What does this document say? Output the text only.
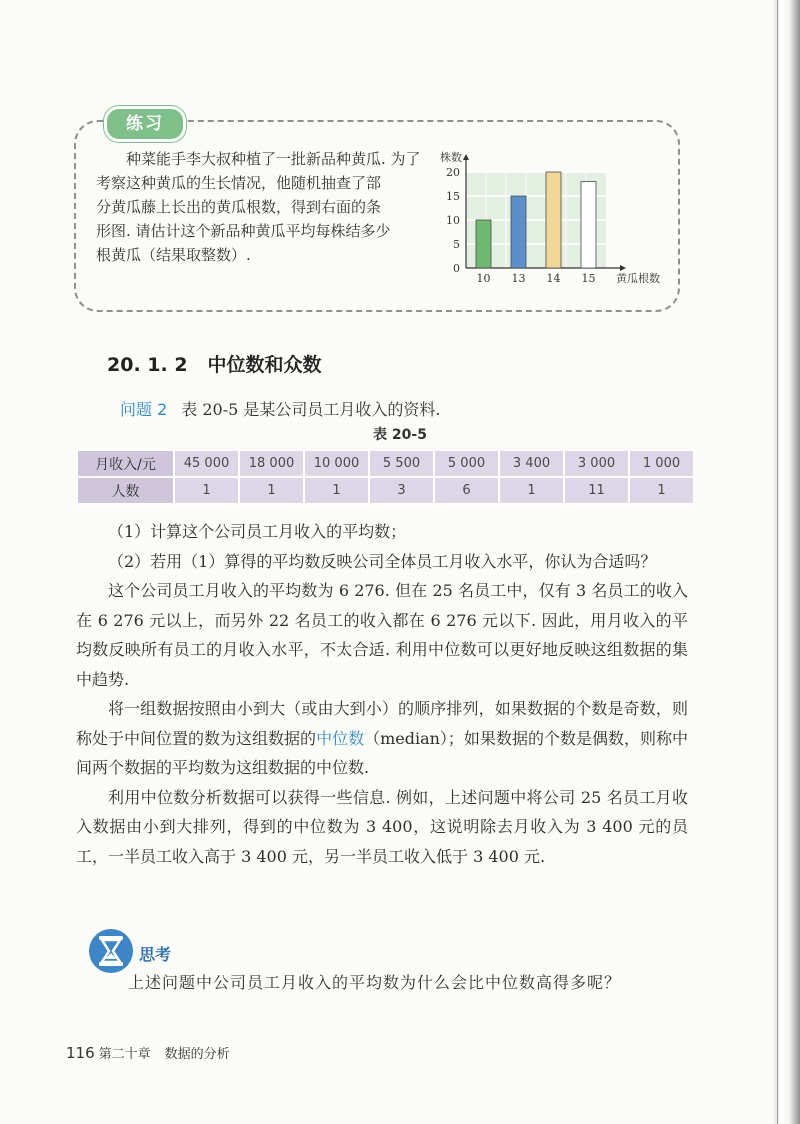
练习

种菜能手李大叔种植了一批新品种黄瓜. 为了

考察这种黄瓜的生长情况，他随机抽查了部

分黄瓜藤上长出的黄瓜根数，得到右面的条

形图. 请估计这个新品种黄瓜平均每株结多少

根黄瓜（结果取整数）.

0
5
10
15
20
10 13 14 15
株数
黄瓜根数
20. 1. 2 中位数和众数
问题 2 表 20-5 是某公司员工月收入的资料.
表 20-5
月收入/元	45 000	18 000	10 000	5 500	5 000	3 400	3 000	1 000
人数	1	1	1	3	6	1	11	1

（1）计算这个公司员工月收入的平均数；

（2）若用（1）算得的平均数反映公司全体员工月收入水平，你认为合适吗？

这个公司员工月收入的平均数为 6 276. 但在 25 名员工中，仅有 3 名员工的收入在 6 276 元以上，而另外 22 名员工的收入都在 6 276 元以下. 因此，用月收入的平均数反映所有员工的月收入水平，不太合适. 利用中位数可以更好地反映这组数据的集中趋势.

将一组数据按照由小到大（或由大到小）的顺序排列，如果数据的个数是奇数，则称处于中间位置的数为这组数据的中位数（median）；如果数据的个数是偶数，则称中间两个数据的平均数为这组数据的中位数.

利用中位数分析数据可以获得一些信息. 例如，上述问题中将公司 25 名员工月收入数据由小到大排列，得到的中位数为 3 400，这说明除去月收入为 3 400 元的员工，一半员工收入高于 3 400 元，另一半员工收入低于 3 400 元.

思考
上述问题中公司员工月收入的平均数为什么会比中位数高得多呢？
116 第二十章 数据的分析
